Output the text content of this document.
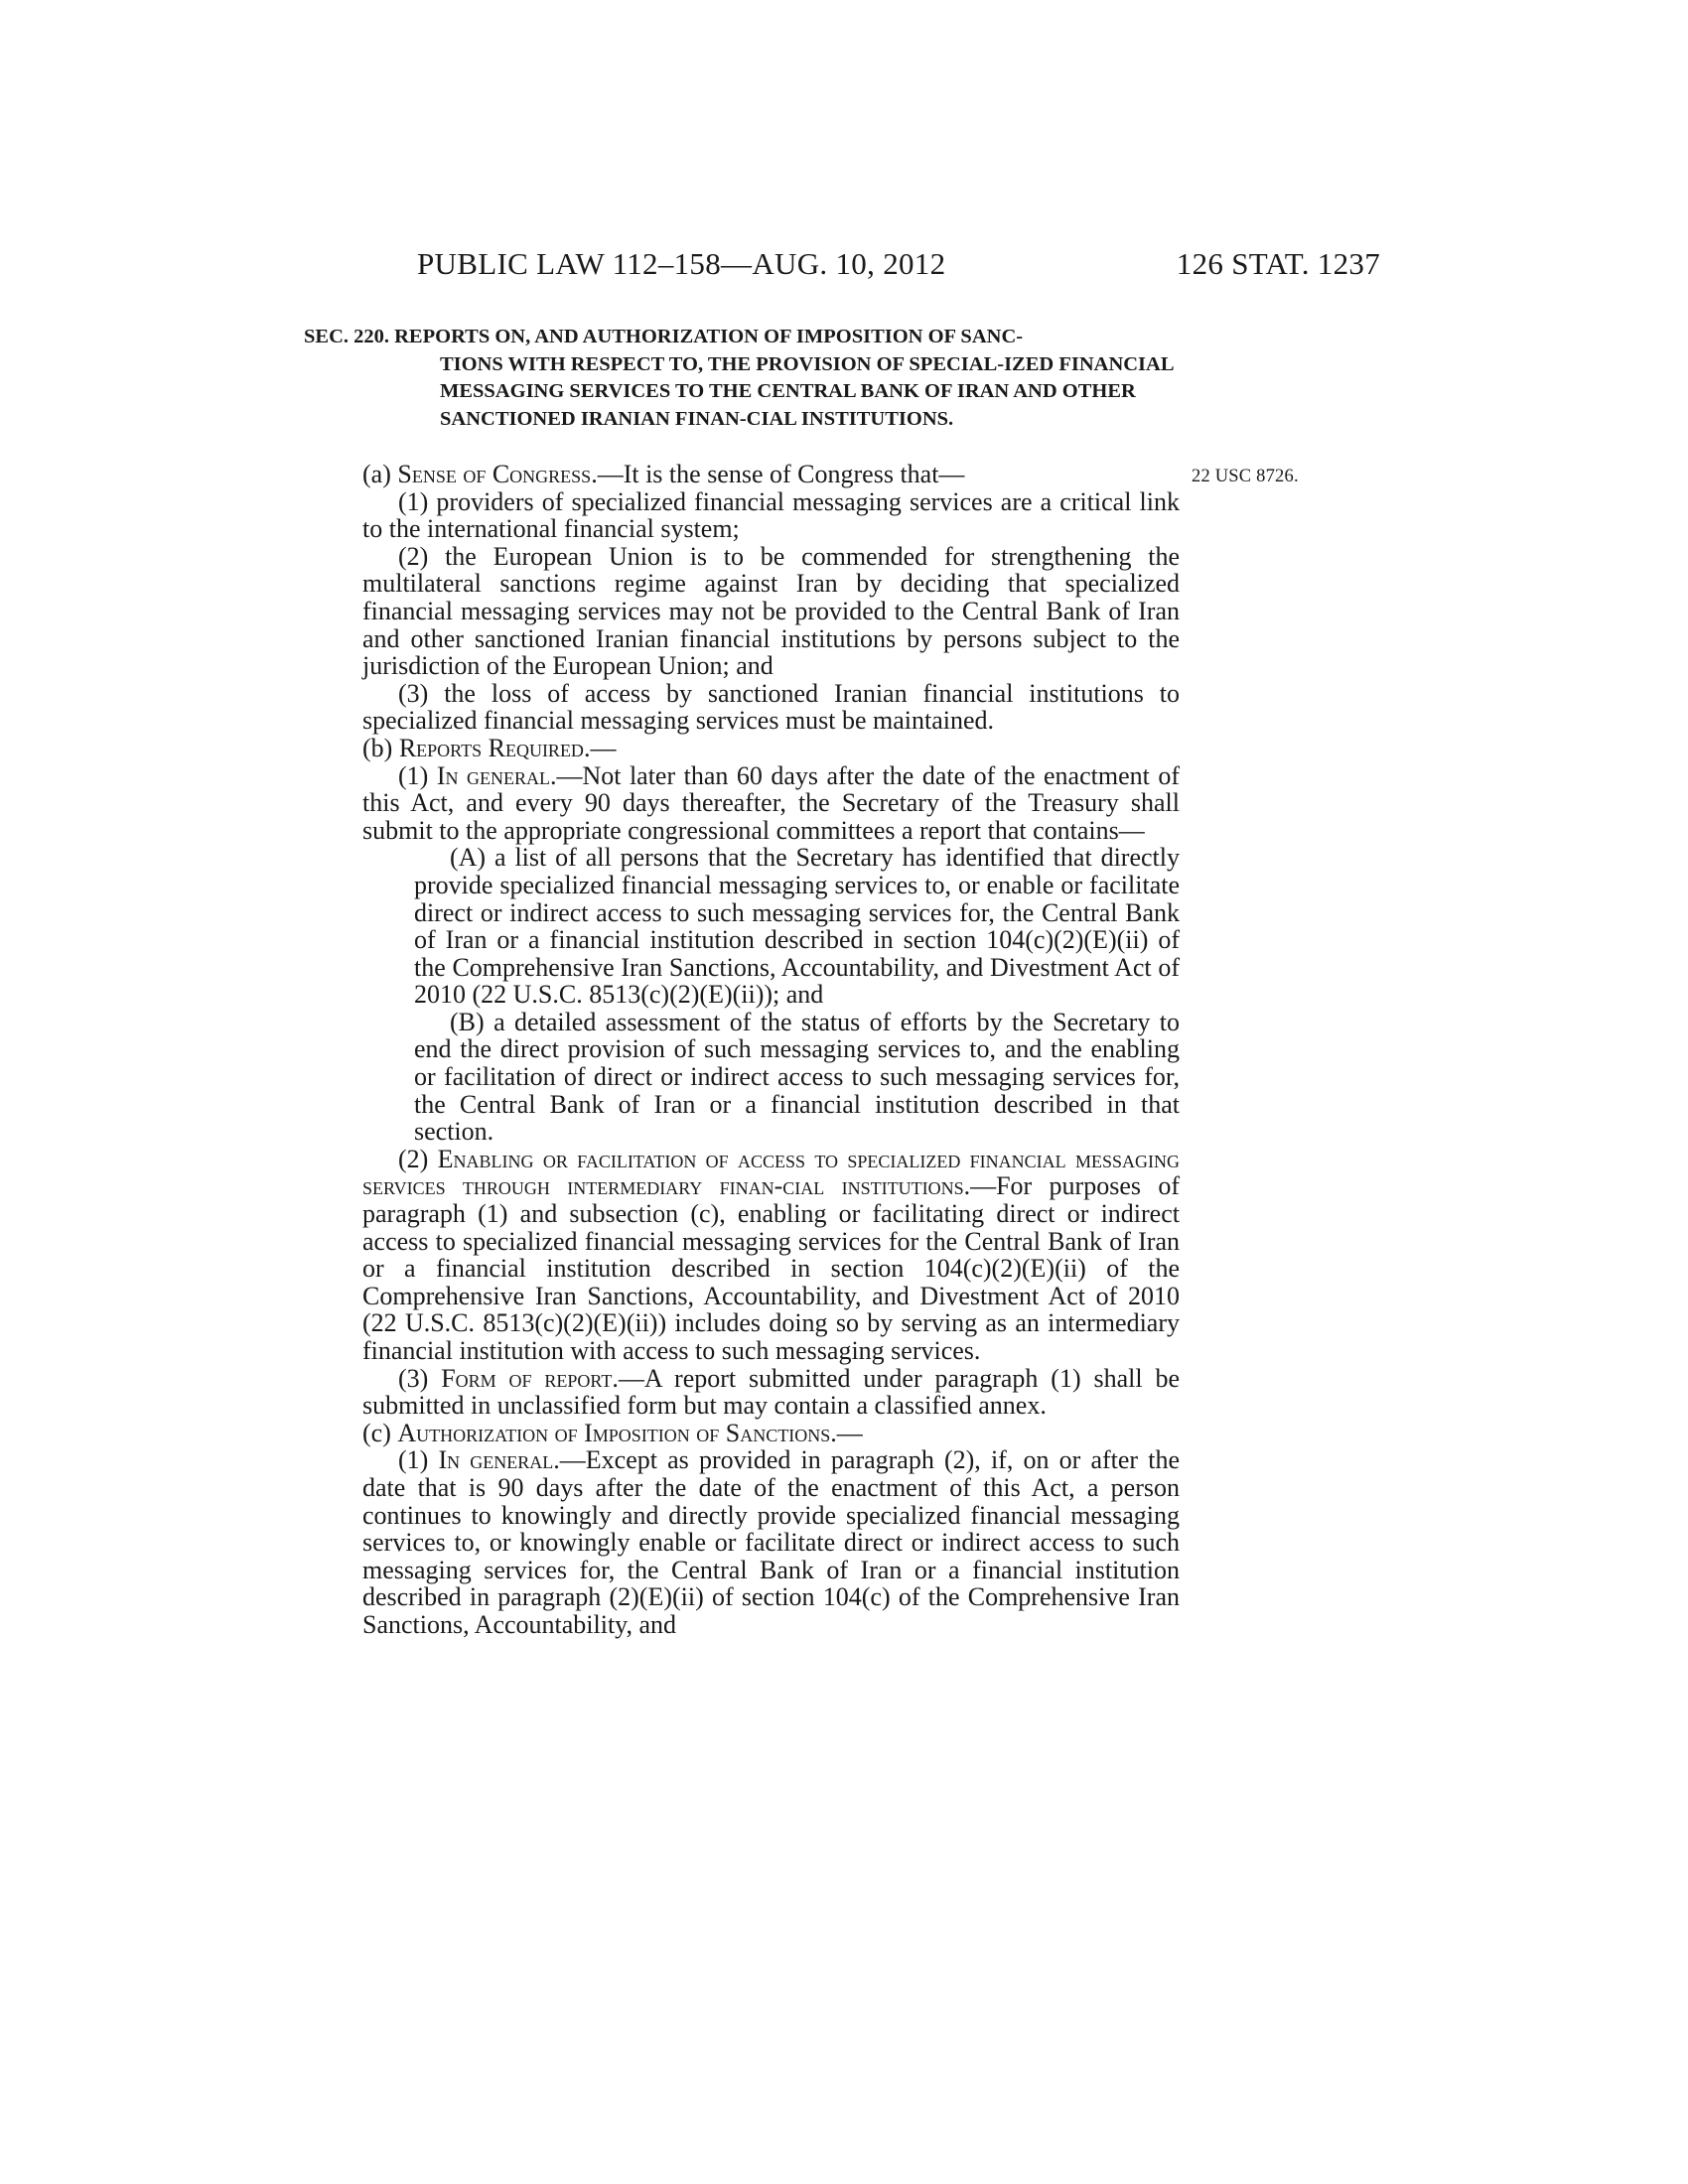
PUBLIC LAW 112–158—AUG. 10, 2012	126 STAT. 1237
SEC. 220. REPORTS ON, AND AUTHORIZATION OF IMPOSITION OF SANC-
TIONS WITH RESPECT TO, THE PROVISION OF SPECIAL-IZED FINANCIAL MESSAGING SERVICES TO THE CENTRAL BANK OF IRAN AND OTHER SANCTIONED IRANIAN FINAN-CIAL INSTITUTIONS.
22 USC 8726.

(a) Sense of Congress.—It is the sense of Congress that—

(1) providers of specialized financial messaging services are a critical link to the international financial system;

(2) the European Union is to be commended for strengthening the multilateral sanctions regime against Iran by deciding that specialized financial messaging services may not be provided to the Central Bank of Iran and other sanctioned Iranian financial institutions by persons subject to the jurisdiction of the European Union; and

(3) the loss of access by sanctioned Iranian financial institutions to specialized financial messaging services must be maintained.

(b) Reports Required.—

(1) In general.—Not later than 60 days after the date of the enactment of this Act, and every 90 days thereafter, the Secretary of the Treasury shall submit to the appropriate congressional committees a report that contains—

(A) a list of all persons that the Secretary has identified that directly provide specialized financial messaging services to, or enable or facilitate direct or indirect access to such messaging services for, the Central Bank of Iran or a financial institution described in section 104(c)(2)(E)(ii) of the Comprehensive Iran Sanctions, Accountability, and Divestment Act of 2010 (22 U.S.C. 8513(c)(2)(E)(ii)); and

(B) a detailed assessment of the status of efforts by the Secretary to end the direct provision of such messaging services to, and the enabling or facilitation of direct or indirect access to such messaging services for, the Central Bank of Iran or a financial institution described in that section.

(2) Enabling or facilitation of access to specialized financial messaging services through intermediary finan-cial institutions.—For purposes of paragraph (1) and subsection (c), enabling or facilitating direct or indirect access to specialized financial messaging services for the Central Bank of Iran or a financial institution described in section 104(c)(2)(E)(ii) of the Comprehensive Iran Sanctions, Accountability, and Divestment Act of 2010 (22 U.S.C. 8513(c)(2)(E)(ii)) includes doing so by serving as an intermediary financial institution with access to such messaging services.

(3) Form of report.—A report submitted under paragraph (1) shall be submitted in unclassified form but may contain a classified annex.

(c) Authorization of Imposition of Sanctions.—

(1) In general.—Except as provided in paragraph (2), if, on or after the date that is 90 days after the date of the enactment of this Act, a person continues to knowingly and directly provide specialized financial messaging services to, or knowingly enable or facilitate direct or indirect access to such messaging services for, the Central Bank of Iran or a financial institution described in paragraph (2)(E)(ii) of section 104(c) of the Comprehensive Iran Sanctions, Accountability, and
